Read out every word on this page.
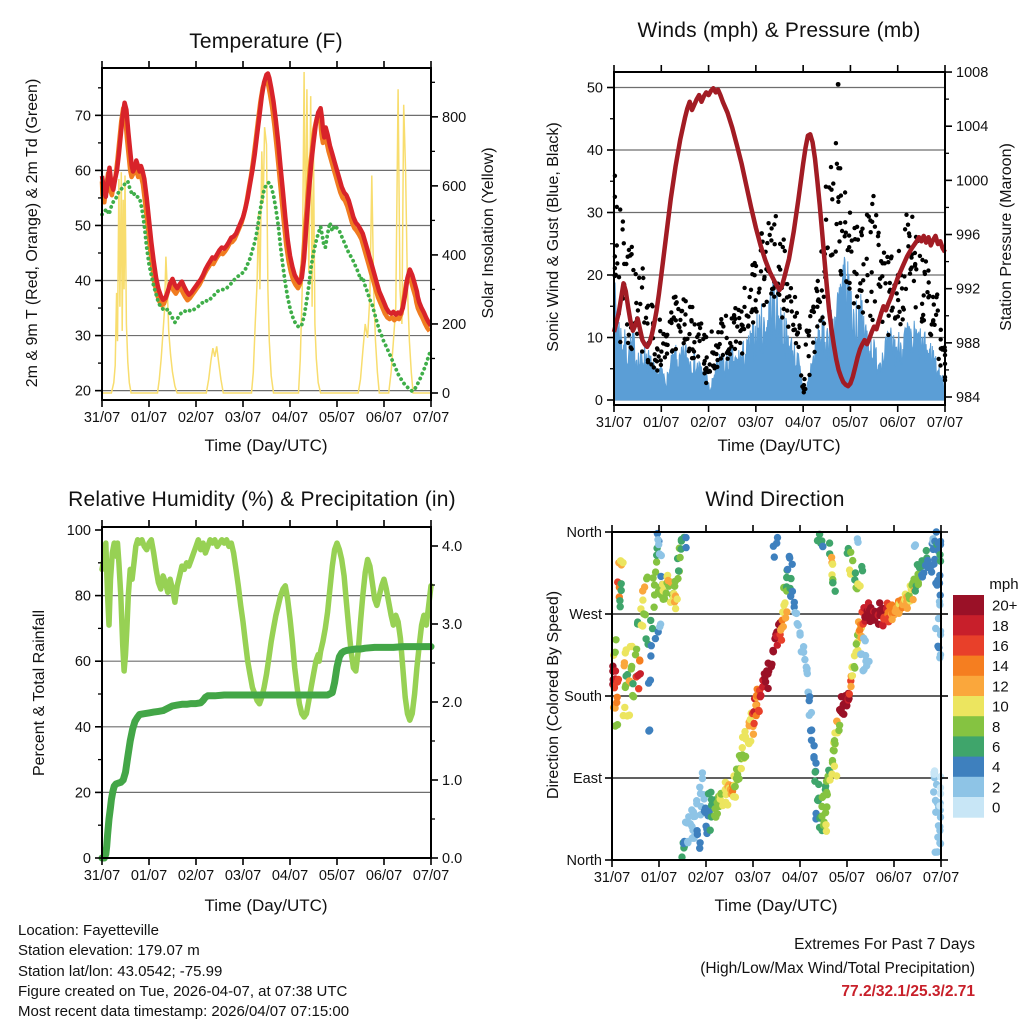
31/07 01/07 02/07 03/07 04/07 05/07 06/07 07/07
20
30
40
50
60
70
0
200
400
600
800
31/07 01/07 02/07 03/07 04/07 05/07 06/07 07/07
0
10
20
30
40
50
984
988
992
996
1000
1004
1008
31/07 01/07 02/07 03/07 04/07 05/07 06/07 07/07
0
20
40
60
80
100
0.0
1.0
2.0
3.0
4.0
31/07 01/07 02/07 03/07 04/07 05/07 06/07 07/07
North
West
South
East
North
20+
18
16
14
12
10
8
6
4
2
0
Temperature (F)	Winds (mph) & Pressure (mb)
Relative Humidity (%) & Precipitation (in)	Wind Direction
Time (Day/UTC)	Time (Day/UTC)
Time (Day/UTC)	Time (Day/UTC)
2m & 9m T (Red, Orange) & 2m Td (Green)	Solar Insolation (Yellow)	Sonic Wind & Gust (Blue, Black)	Station Pressure (Maroon)
Percent & Total Rainfall	Direction (Colored By Speed)
mph
Location: Fayetteville
Station elevation: 179.07 m
Station lat/lon: 43.0542; -75.99
Figure created on Tue, 2026-04-07, at 07:38 UTC
Most recent data timestamp: 2026/04/07 07:15:00
Extremes For Past 7 Days
(High/Low/Max Wind/Total Precipitation)
77.2/32.1/25.3/2.71
